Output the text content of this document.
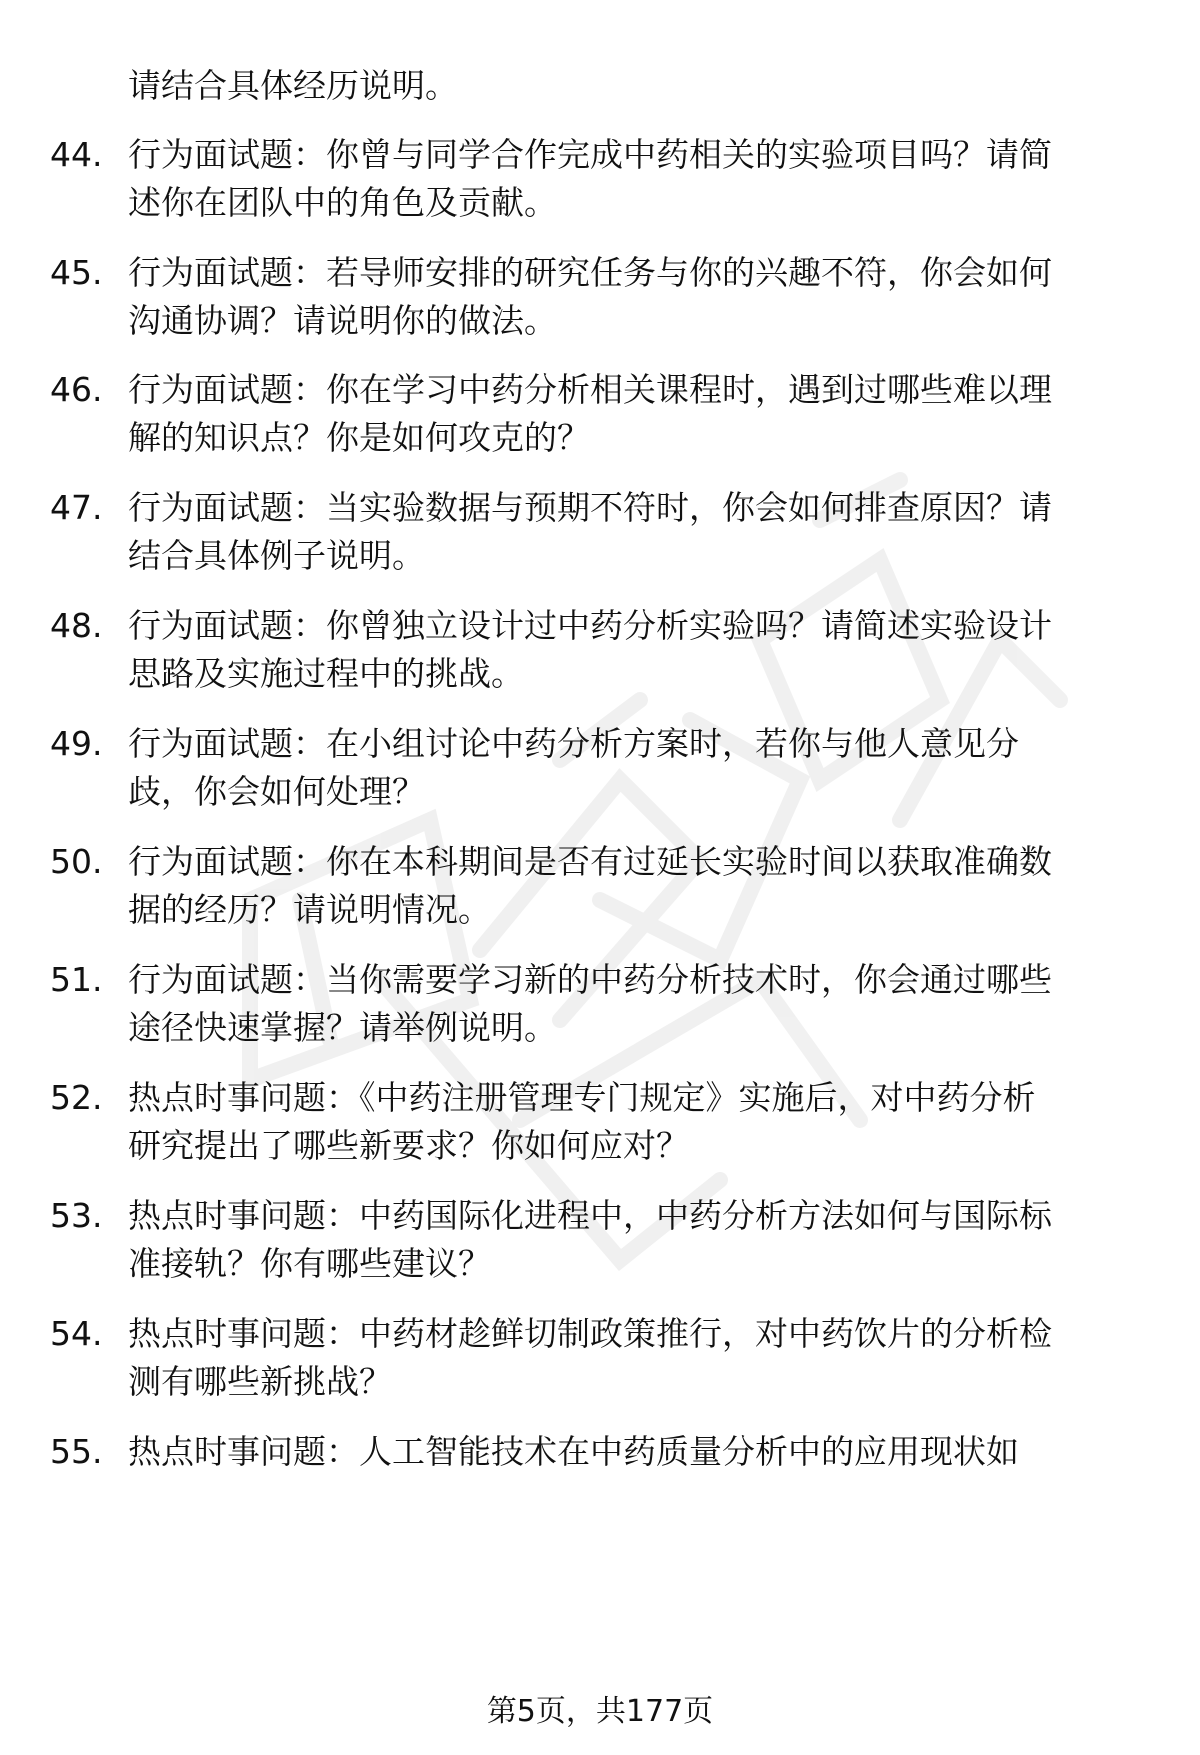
请结合具体经历说明。
44. 行为面试题：你曾与同学合作完成中药相关的实验项目吗？请简
述你在团队中的角色及贡献。
45. 行为面试题：若导师安排的研究任务与你的兴趣不符，你会如何
沟通协调？请说明你的做法。
46. 行为面试题：你在学习中药分析相关课程时，遇到过哪些难以理
解的知识点？你是如何攻克的？
47. 行为面试题：当实验数据与预期不符时，你会如何排查原因？请
结合具体例子说明。
48. 行为面试题：你曾独立设计过中药分析实验吗？请简述实验设计
思路及实施过程中的挑战。
49. 行为面试题：在小组讨论中药分析方案时，若你与他人意见分
歧，你会如何处理？
50. 行为面试题：你在本科期间是否有过延长实验时间以获取准确数
据的经历？请说明情况。
51. 行为面试题：当你需要学习新的中药分析技术时，你会通过哪些
途径快速掌握？请举例说明。
52. 热点时事问题：《中药注册管理专门规定》实施后，对中药分析
研究提出了哪些新要求？你如何应对？
53. 热点时事问题：中药国际化进程中，中药分析方法如何与国际标
准接轨？你有哪些建议？
54. 热点时事问题：中药材趁鲜切制政策推行，对中药饮片的分析检
测有哪些新挑战？
55. 热点时事问题：人工智能技术在中药质量分析中的应用现状如
第5页，共177页
